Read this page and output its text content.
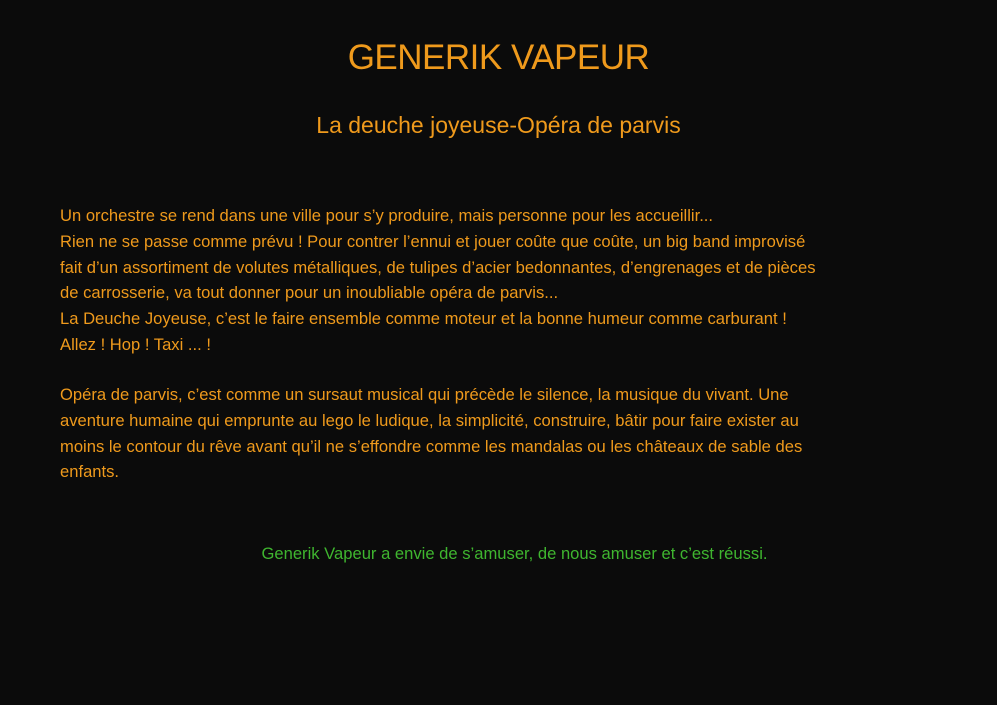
GENERIK VAPEUR
La deuche joyeuse-Opéra de parvis

Un orchestre se rend dans une ville pour s’y produire, mais personne pour les accueillir...
Rien ne se passe comme prévu ! Pour contrer l’ennui et jouer coûte que coûte, un big band improvisé
fait d’un assortiment de volutes métalliques, de tulipes d’acier bedonnantes, d’engrenages et de pièces
de carrosserie, va tout donner pour un inoubliable opéra de parvis...
La Deuche Joyeuse, c’est le faire ensemble comme moteur et la bonne humeur comme carburant !
Allez ! Hop ! Taxi ... !

Opéra de parvis, c’est comme un sursaut musical qui précède le silence, la musique du vivant. Une
aventure humaine qui emprunte au lego le ludique, la simplicité, construire, bâtir pour faire exister au
moins le contour du rêve avant qu’il ne s’effondre comme les mandalas ou les châteaux de sable des
enfants.

Generik Vapeur a envie de s’amuser, de nous amuser et c’est réussi.
